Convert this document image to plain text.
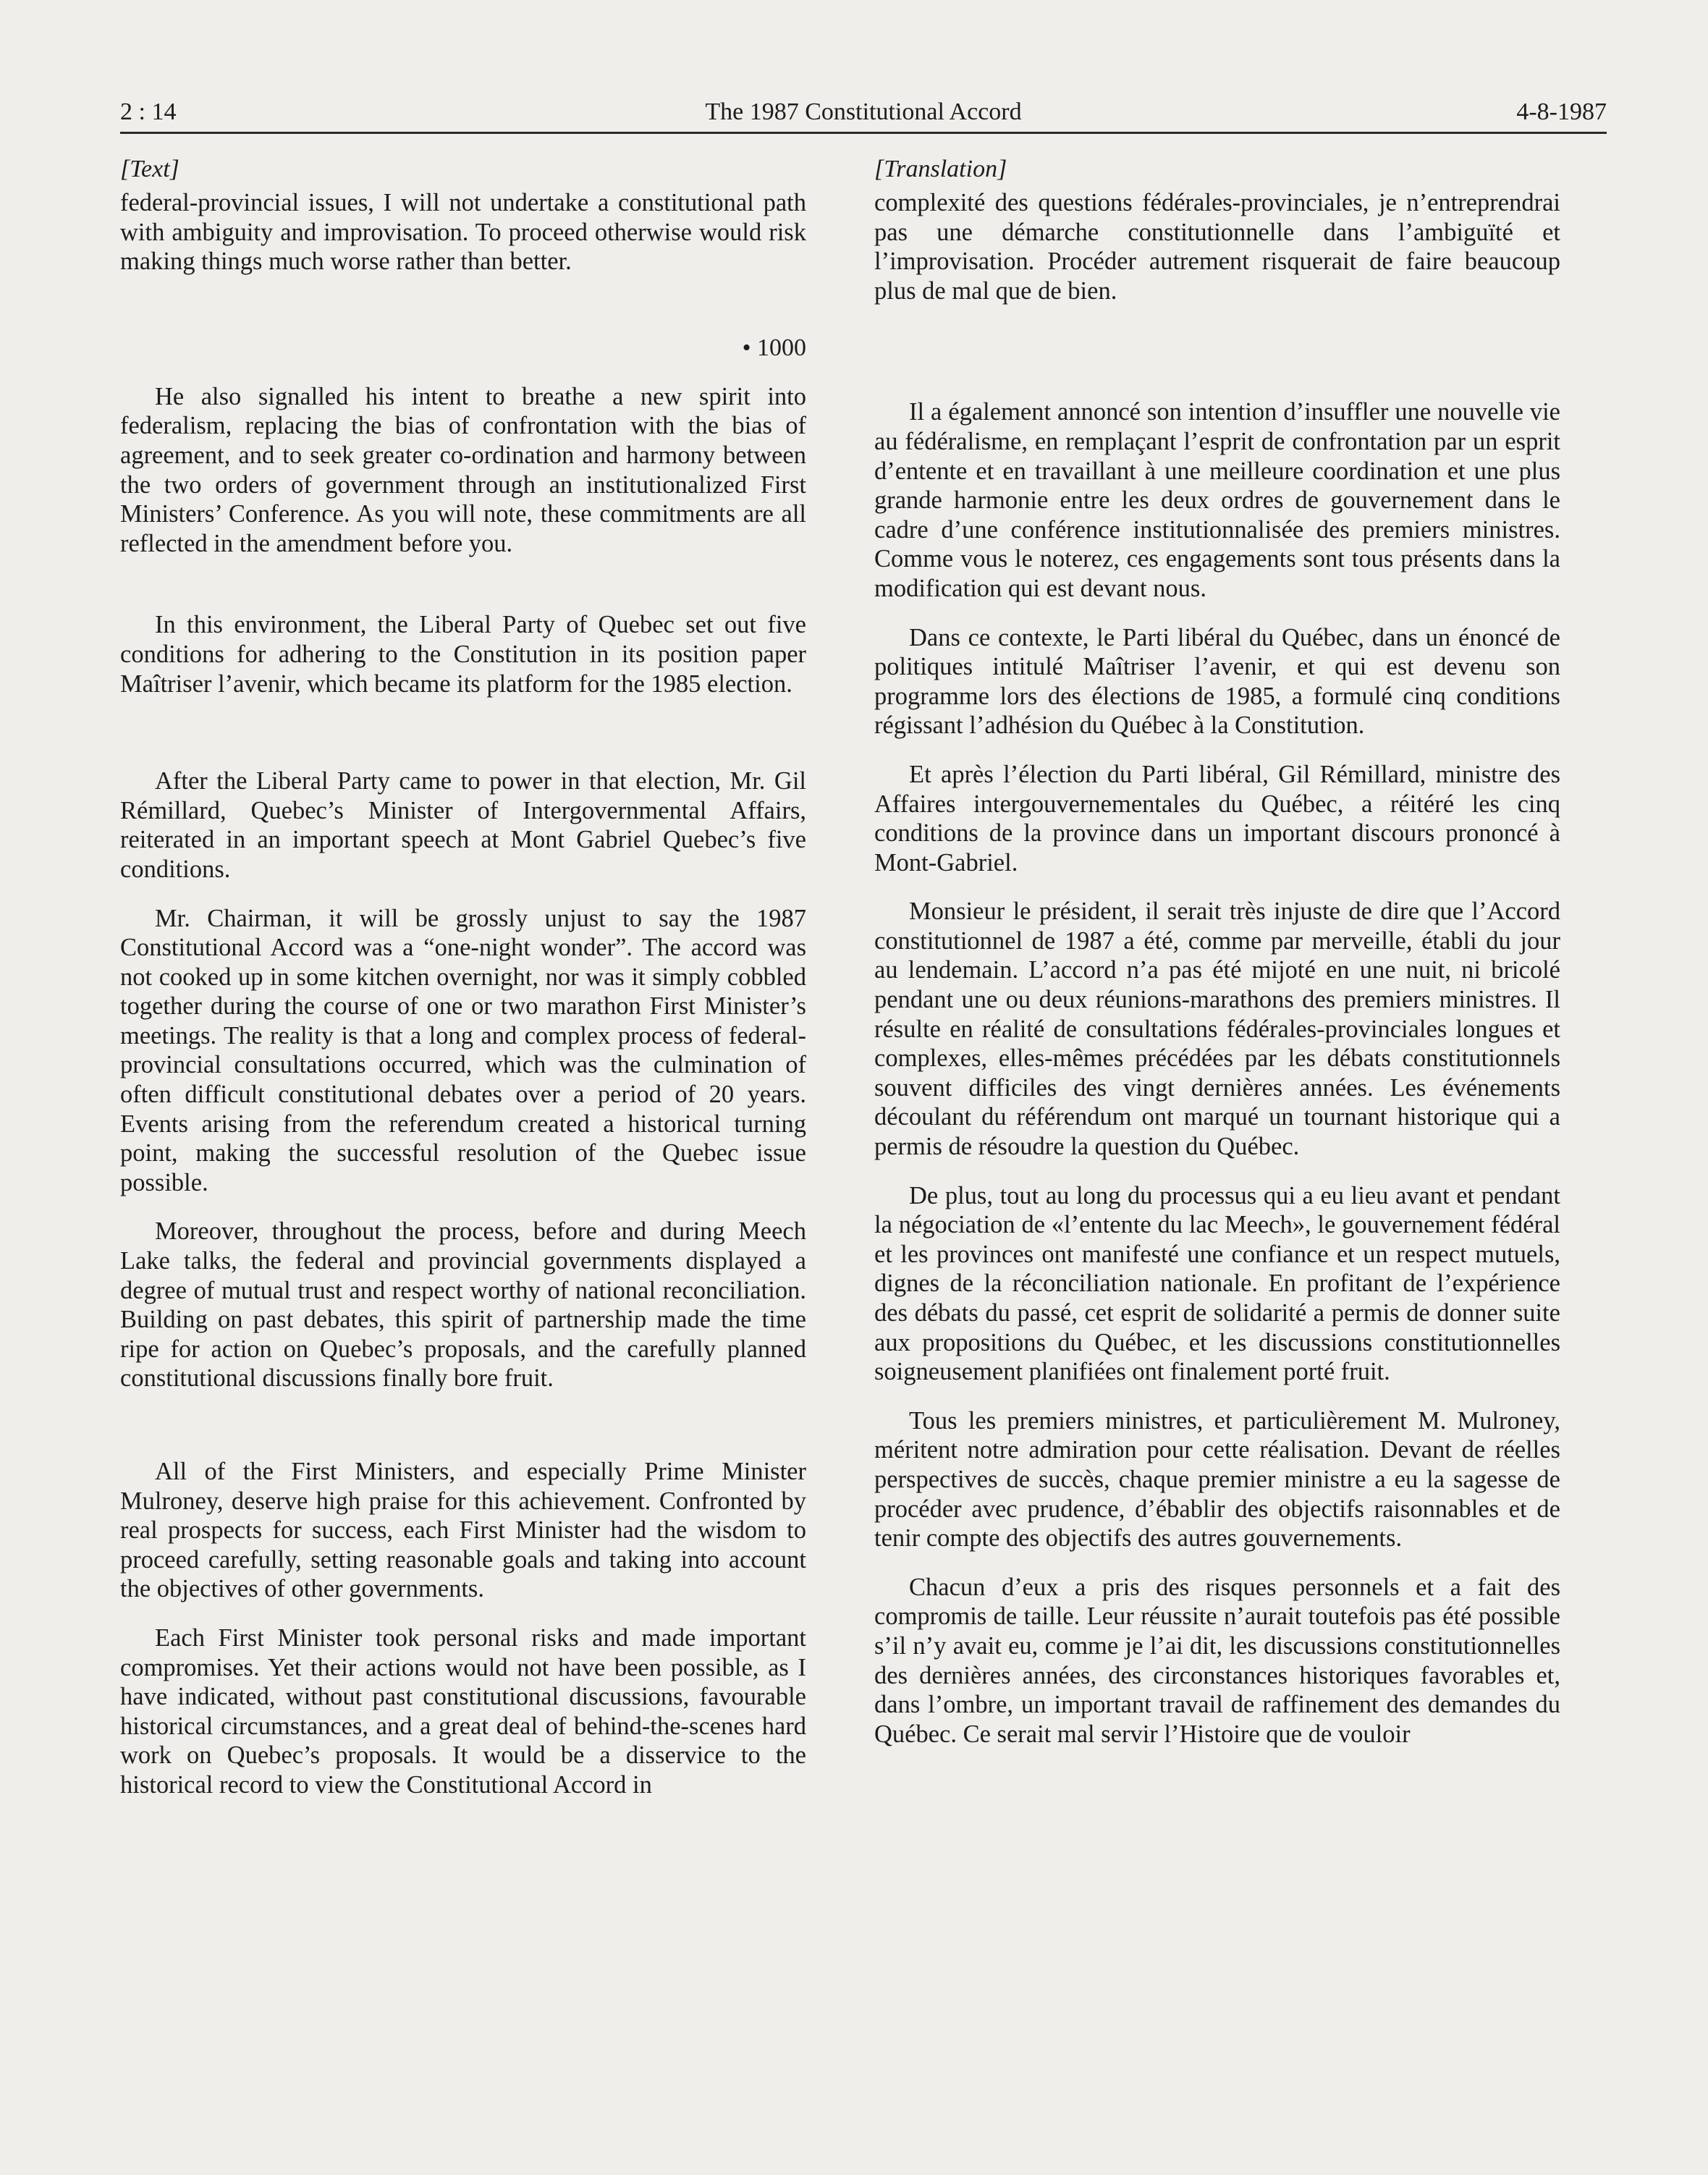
2 : 14	The 1987 Constitutional Accord	4-8-1987
[Text]

federal-provincial issues, I will not undertake a constitutional path with ambiguity and improvisation. To proceed otherwise would risk making things much worse rather than better.

• 1000

He also signalled his intent to breathe a new spirit into federalism, replacing the bias of confrontation with the bias of agreement, and to seek greater co-ordination and harmony between the two orders of government through an institutionalized First Ministers’ Conference. As you will note, these commitments are all reflected in the amendment before you.

In this environment, the Liberal Party of Quebec set out five conditions for adhering to the Constitution in its position paper Maîtriser l’avenir, which became its platform for the 1985 election.

After the Liberal Party came to power in that election, Mr. Gil Rémillard, Quebec’s Minister of Intergovernmental Affairs, reiterated in an important speech at Mont Gabriel Quebec’s five conditions.

Mr. Chairman, it will be grossly unjust to say the 1987 Constitutional Accord was a “one-night wonder”. The accord was not cooked up in some kitchen overnight, nor was it simply cobbled together during the course of one or two marathon First Minister’s meetings. The reality is that a long and complex process of federal-provincial consultations occurred, which was the culmination of often difficult constitutional debates over a period of 20 years. Events arising from the referendum created a historical turning point, making the successful resolution of the Quebec issue possible.

Moreover, throughout the process, before and during Meech Lake talks, the federal and provincial governments displayed a degree of mutual trust and respect worthy of national reconciliation. Building on past debates, this spirit of partnership made the time ripe for action on Quebec’s proposals, and the carefully planned constitutional discussions finally bore fruit.

All of the First Ministers, and especially Prime Minister Mulroney, deserve high praise for this achievement. Confronted by real prospects for success, each First Minister had the wisdom to proceed carefully, setting reasonable goals and taking into account the objectives of other governments.

Each First Minister took personal risks and made important compromises. Yet their actions would not have been possible, as I have indicated, without past constitutional discussions, favourable historical circumstances, and a great deal of behind-the-scenes hard work on Quebec’s proposals. It would be a disservice to the historical record to view the Constitutional Accord in

[Translation]

complexité des questions fédérales-provinciales, je n’entreprendrai pas une démarche constitutionnelle dans l’ambiguïté et l’improvisation. Procéder autrement risquerait de faire beaucoup plus de mal que de bien.

Il a également annoncé son intention d’insuffler une nouvelle vie au fédéralisme, en remplaçant l’esprit de confrontation par un esprit d’entente et en travaillant à une meilleure coordination et une plus grande harmonie entre les deux ordres de gouvernement dans le cadre d’une conférence institutionnalisée des premiers ministres. Comme vous le noterez, ces engagements sont tous présents dans la modification qui est devant nous.

Dans ce contexte, le Parti libéral du Québec, dans un énoncé de politiques intitulé Maîtriser l’avenir, et qui est devenu son programme lors des élections de 1985, a formulé cinq conditions régissant l’adhésion du Québec à la Constitution.

Et après l’élection du Parti libéral, Gil Rémillard, ministre des Affaires intergouvernementales du Québec, a réitéré les cinq conditions de la province dans un important discours prononcé à Mont-Gabriel.

Monsieur le président, il serait très injuste de dire que l’Accord constitutionnel de 1987 a été, comme par merveille, établi du jour au lendemain. L’accord n’a pas été mijoté en une nuit, ni bricolé pendant une ou deux réunions-marathons des premiers ministres. Il résulte en réalité de consultations fédérales-provinciales longues et complexes, elles-mêmes précédées par les débats constitutionnels souvent difficiles des vingt dernières années. Les événements découlant du référendum ont marqué un tournant historique qui a permis de résoudre la question du Québec.

De plus, tout au long du processus qui a eu lieu avant et pendant la négociation de «l’entente du lac Meech», le gouvernement fédéral et les provinces ont manifesté une confiance et un respect mutuels, dignes de la réconciliation nationale. En profitant de l’expérience des débats du passé, cet esprit de solidarité a permis de donner suite aux propositions du Québec, et les discussions constitutionnelles soigneusement planifiées ont finalement porté fruit.

Tous les premiers ministres, et particulièrement M. Mulroney, méritent notre admiration pour cette réalisation. Devant de réelles perspectives de succès, chaque premier ministre a eu la sagesse de procéder avec prudence, d’ébablir des objectifs raisonnables et de tenir compte des objectifs des autres gouvernements.

Chacun d’eux a pris des risques personnels et a fait des compromis de taille. Leur réussite n’aurait toutefois pas été possible s’il n’y avait eu, comme je l’ai dit, les discussions constitutionnelles des dernières années, des circonstances historiques favorables et, dans l’ombre, un important travail de raffinement des demandes du Québec. Ce serait mal servir l’Histoire que de vouloir
